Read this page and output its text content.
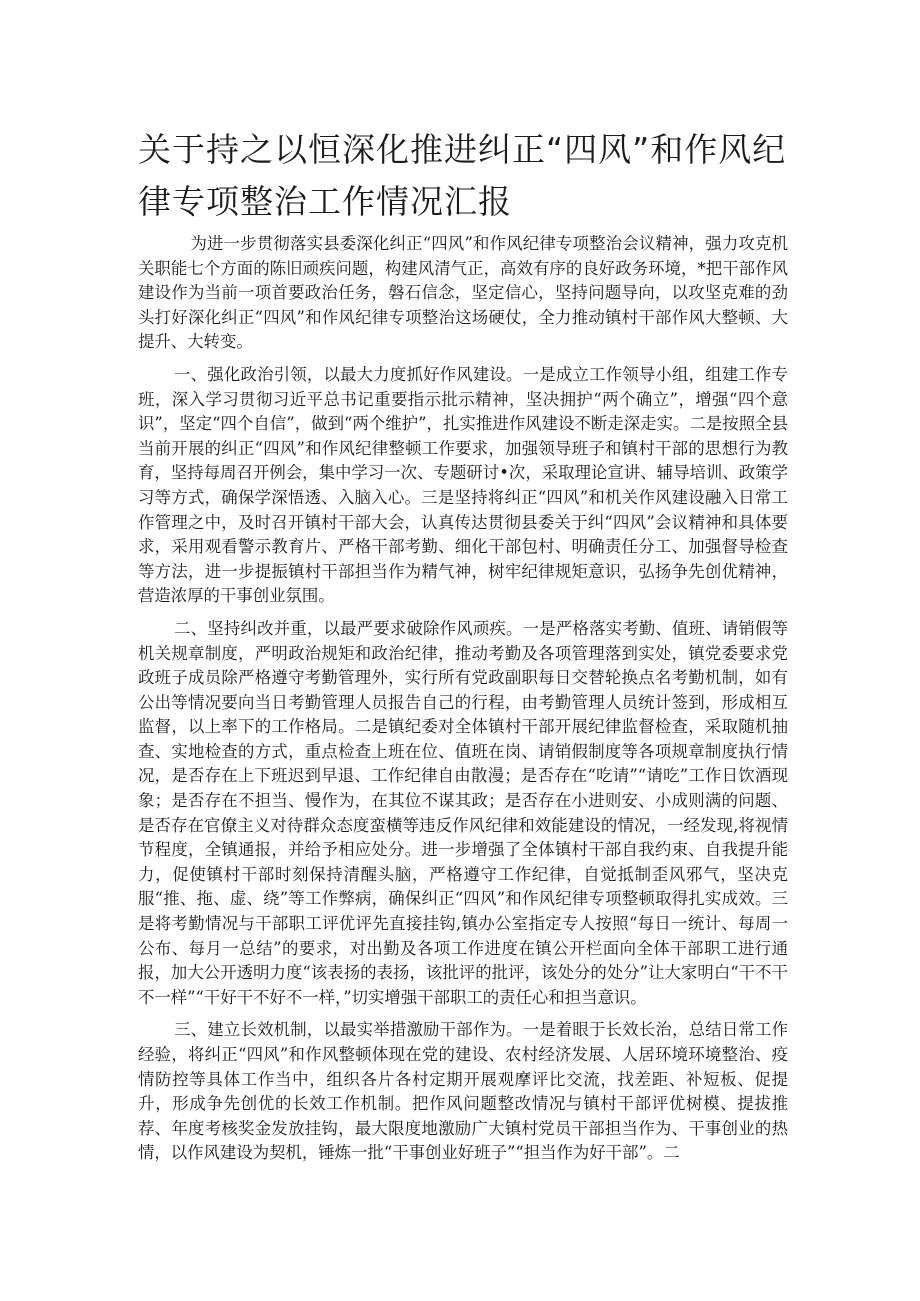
关于持之以恒深化推进纠正“四风”和作风纪律专项整治工作情况汇报

为进一步贯彻落实县委深化纠正“四风”和作风纪律专项整治会议精神，强力攻克机关职能七个方面的陈旧顽疾问题，构建风清气正，高效有序的良好政务环境，*把干部作风建设作为当前一项首要政治任务，磐石信念，坚定信心，坚持问题导向，以攻坚克难的劲头打好深化纠正“四风”和作风纪律专项整治这场硬仗，全力推动镇村干部作风大整顿、大提升、大转变。

一、强化政治引领，以最大力度抓好作风建设。一是成立工作领导小组，组建工作专班，深入学习贯彻习近平总书记重要指示批示精神，坚决拥护“两个确立”，增强“四个意识”，坚定“四个自信”，做到“两个维护”，扎实推进作风建设不断走深走实。二是按照全县当前开展的纠正“四风”和作风纪律整顿工作要求，加强领导班子和镇村干部的思想行为教育，坚持每周召开例会，集中学习一次、专题研讨•次，采取理论宣讲、辅导培训、政策学习等方式，确保学深悟透、入脑入心。三是坚持将纠正“四风”和机关作风建设融入日常工作管理之中，及时召开镇村干部大会，认真传达贯彻县委关于纠“四风”会议精神和具体要求，采用观看警示教育片、严格干部考勤、细化干部包村、明确责任分工、加强督导检查等方法，进一步提振镇村干部担当作为精气神，树牢纪律规矩意识，弘扬争先创优精神，营造浓厚的干事创业氛围。

二、坚持纠改并重，以最严要求破除作风顽疾。一是严格落实考勤、值班、请销假等机关规章制度，严明政治规矩和政治纪律，推动考勤及各项管理落到实处，镇党委要求党政班子成员除严格遵守考勤管理外，实行所有党政副职每日交替轮换点名考勤机制，如有公出等情况要向当日考勤管理人员报告自己的行程，由考勤管理人员统计签到，形成相互监督，以上率下的工作格局。二是镇纪委对全体镇村干部开展纪律监督检查，采取随机抽查、实地检查的方式，重点检查上班在位、值班在岗、请销假制度等各项规章制度执行情况，是否存在上下班迟到早退、工作纪律自由散漫；是否存在“吃请”“请吃”工作日饮酒现象；是否存在不担当、慢作为，在其位不谋其政；是否存在小进则安、小成则满的问题、是否存在官僚主义对待群众态度蛮横等违反作风纪律和效能建设的情况，一经发现,将视情节程度，全镇通报，并给予相应处分。进一步增强了全体镇村干部自我约束、自我提升能力，促使镇村干部时刻保持清醒头脑，严格遵守工作纪律，自觉抵制歪风邪气，坚决克服“推、拖、虚、绕”等工作弊病，确保纠正“四风”和作风纪律专项整顿取得扎实成效。三是将考勤情况与干部职工评优评先直接挂钩,镇办公室指定专人按照“每日一统计、每周一公布、每月一总结”的要求，对出勤及各项工作进度在镇公开栏面向全体干部职工进行通报，加大公开透明力度“该表扬的表扬，该批评的批评，该处分的处分”让大家明白“干不干不一样”“干好干不好不一样，”切实增强干部职工的责任心和担当意识。

三、建立长效机制，以最实举措激励干部作为。一是着眼于长效长治，总结日常工作经验，将纠正“四风”和作风整顿体现在党的建设、农村经济发展、人居环境环境整治、疫情防控等具体工作当中，组织各片各村定期开展观摩评比交流，找差距、补短板、促提升，形成争先创优的长效工作机制。把作风问题整改情况与镇村干部评优树模、提拔推荐、年度考核奖金发放挂钩，最大限度地激励广大镇村党员干部担当作为、干事创业的热情，以作风建设为契机，锤炼一批“干事创业好班子”“担当作为好干部”。二
